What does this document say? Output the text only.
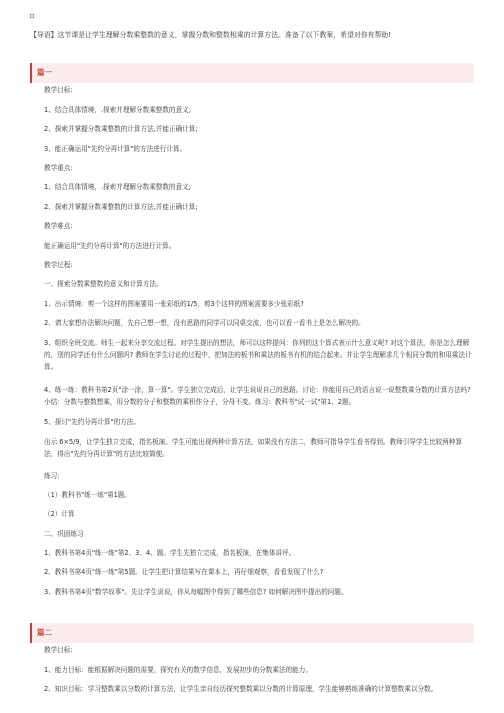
【导语】这节课是让学生理解分数乘整数的意义，掌握分数和整数相乘的计算方法。准备了以下教案，希望对你有帮助!
篇一
教学目标:
1、结合具体情境，.探索并理解分数乘整数的意义;
2、探索并掌握分数乘整数的计算方法,并能正确计算;
3、能正确运用"先约分再计算"的方法进行计算。
教学重点:
1、结合具体情境，.探索并理解分数乘整数的意义;
2、探索并掌握分数乘整数的计算方法,并能正确计算;
教学难点:
能正确运用"先约分再计算"的方法进行计算。
教学过程:
一、探索分数乘整数的意义和计算方法。
1、出示情境：剪一个这样的图案要用一张彩纸的1/5，剪3个这样的图案需要多少张彩纸?
2、请大家想办法解决问题，先自己想一想，没有思路的同学可以同桌交流，也可以看一看书上是怎么解决的。
3、组织全班交流。师生一起来分享交流过程。对学生提出的想法，师可以这样提问：你列的这个算式表示什么意义呢? 对这个算法，你是怎么理解的，别的同学还有什么问题吗? 教师在学生讨论的过程中，把加法的板书和乘法的板书有机的结合起来。并让学生理解求几个相同分数的和用乘法计算。
4、练一练：教科书第2页"涂一涂，算一算"。学生独立完成后，让学生说说自己的思路。讨论：你能用自己的语言说一说整数乘分数的计算方法吗? 小结：分数与整数想乘，用分数的分子和整数的乘积作分子，分母不变。练习：教科书"试一试"第1、2题。
5、探讨"先约分再计算"的方法。
出示 6×5/9，让学生独立完成，指名板演。学生可能出现两种计算方法，如果没有方法二，教师可指导学生看书得到。教师引导学生比较两种算法，得出"先约分再计算"的方法比较简便。
练习:
（1）教科书"练一练"第1题。
（2）计算
二、巩固练习
1、教科书第4页"练一练"第2、3、4、题。学生先独立完成，指名板演，在集体讲评。
2、教科书第4页"练一练"第5题。让学生把计算结果写在课本上，再仔细观察，看看发现了什么?
3、教科书第4页"数学故事"。先让学生说说，你从每幅图中得到了哪些信息? 如何解决图中提出的问题。
篇二
教学目标:
1、能力目标：能根据解决问题的需要，探究有关的数学信息，发展初步的分数乘法的能力。
2、知识目标：学习整数乘以分数的计算方法，让学生亲自经历探究整数乘以分数的计算原理，学生能够熟练准确的计算整数乘以分数。
